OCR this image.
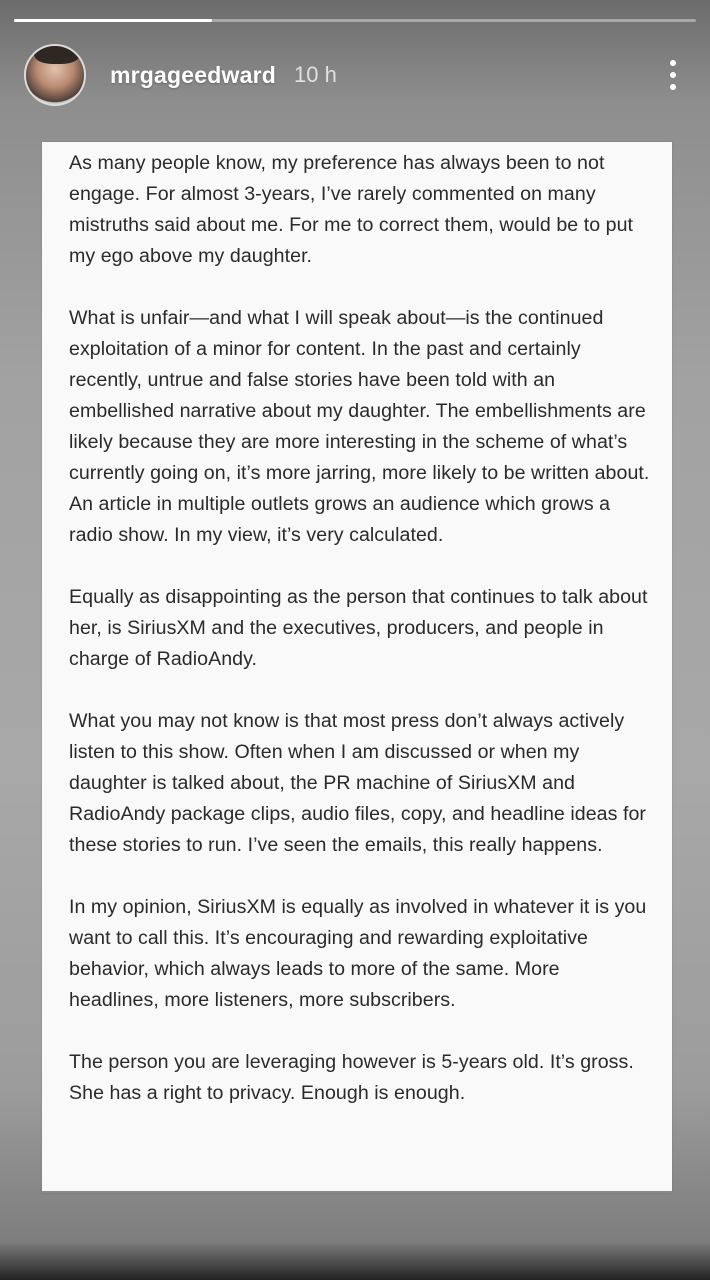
mrgageedward 10 h

As many people know, my preference has always been to not engage. For almost 3-years, I’ve rarely commented on many mistruths said about me. For me to correct them, would be to put my ego above my daughter.

What is unfair—and what I will speak about—is the continued exploitation of a minor for content. In the past and certainly recently, untrue and false stories have been told with an embellished narrative about my daughter. The embellishments are likely because they are more interesting in the scheme of what’s currently going on, it’s more jarring, more likely to be written about. An article in multiple outlets grows an audience which grows a radio show. In my view, it’s very calculated.

Equally as disappointing as the person that continues to talk about her, is SiriusXM and the executives, producers, and people in charge of RadioAndy.

What you may not know is that most press don’t always actively listen to this show. Often when I am discussed or when my daughter is talked about, the PR machine of SiriusXM and RadioAndy package clips, audio files, copy, and headline ideas for these stories to run. I’ve seen the emails, this really happens.

In my opinion, SiriusXM is equally as involved in whatever it is you want to call this. It’s encouraging and rewarding exploitative behavior, which always leads to more of the same. More headlines, more listeners, more subscribers.

The person you are leveraging however is 5-years old. It’s gross. She has a right to privacy. Enough is enough.
